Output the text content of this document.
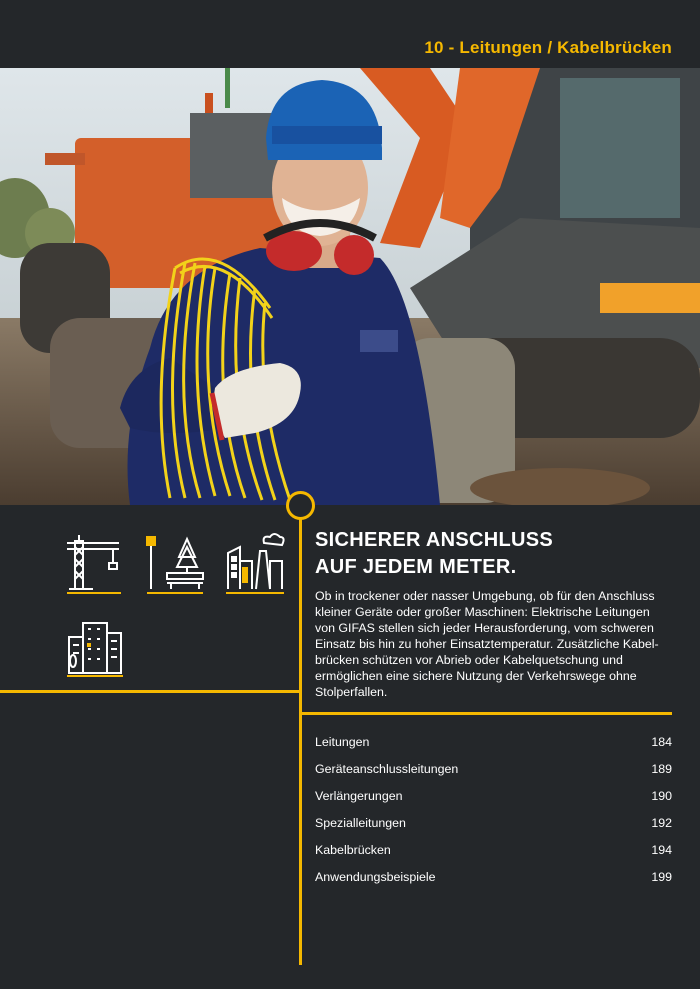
10 - Leitungen / Kabelbrücken
SICHERER ANSCHLUSS
AUF JEDEM METER.

Ob in trockener oder nasser Umgebung, ob für den Anschluss kleiner Geräte oder großer Maschinen: Elektrische Leitungen von GIFAS stellen sich jeder Herausforderung, vom schweren Einsatz bis hin zu hoher Einsatztemperatur. Zusätzliche Kabel-brücken schützen vor Abrieb oder Kabelquetschung und ermöglichen eine sichere Nutzung der Verkehrswege ohne Stolperfallen.

Leitungen	184
Geräteanschlussleitungen	189
Verlängerungen	190
Spezialleitungen	192
Kabelbrücken	194
Anwendungsbeispiele	199
